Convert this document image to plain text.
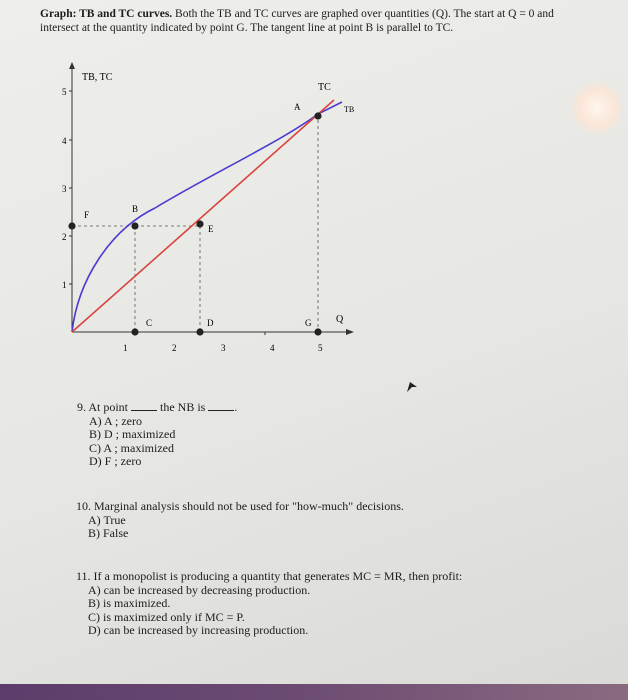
Graph: TB and TC curves. Both the TB and TC curves are graphed over quantities (Q). The start at Q = 0 and intersect at the quantity indicated by point G. The tangent line at point B is parallel to TC.
5
4
3
2
1
1	2	3	4	5
TB, TC
F
B
E
C	D	G
A
TC
TB
Q
9. At point	the NB is .
A) A ; zero
B) D ; maximized
C) A ; maximized
D) F ; zero
10. Marginal analysis should not be used for "how-much" decisions.
A) True
B) False
11. If a monopolist is producing a quantity that generates MC = MR, then profit:
A) can be increased by decreasing production.
B) is maximized.
C) is maximized only if MC = P.
D) can be increased by increasing production.
